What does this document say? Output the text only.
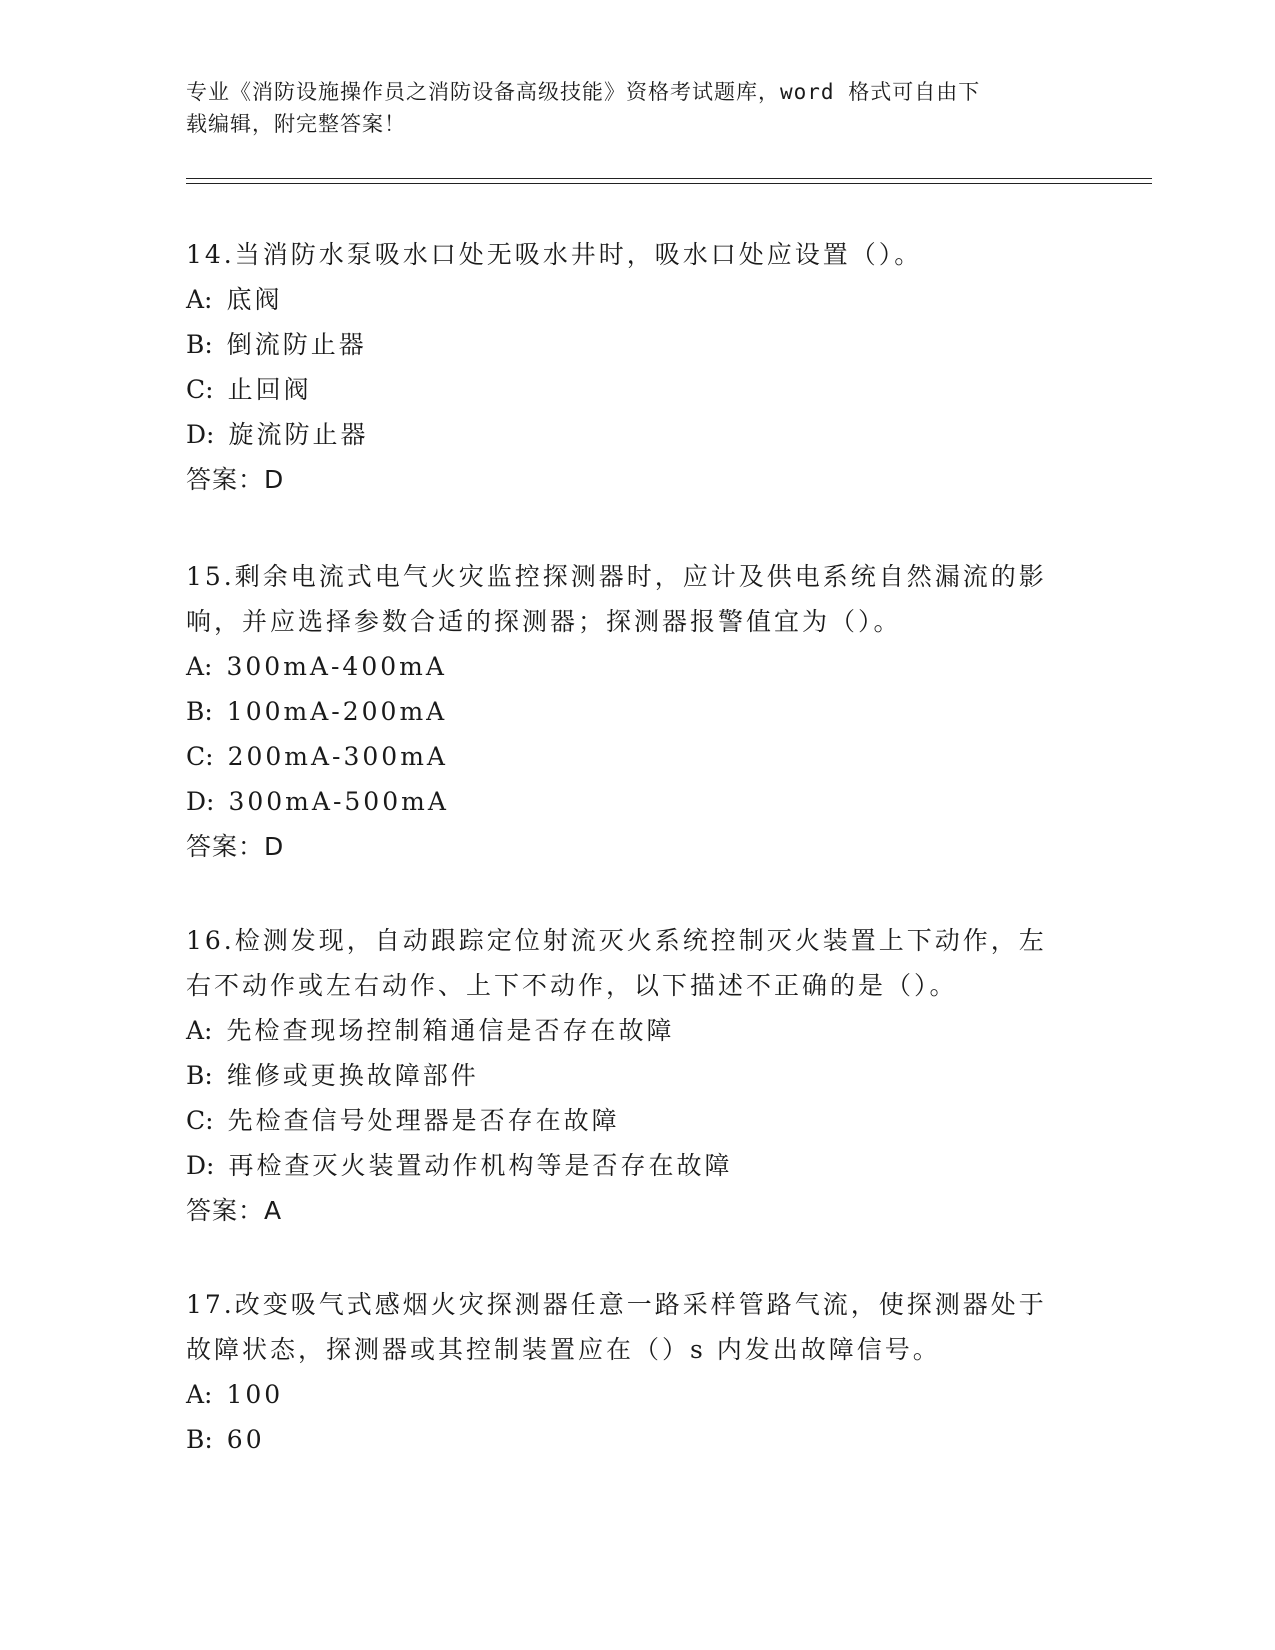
专业《消防设施操作员之消防设备高级技能》资格考试题库，word 格式可自由下
载编辑，附完整答案！

14.当消防水泵吸水口处无吸水井时，吸水口处应设置（）。

A: 底阀

B: 倒流防止器

C: 止回阀

D: 旋流防止器

答案：D

15.剩余电流式电气火灾监控探测器时，应计及供电系统自然漏流的影

响，并应选择参数合适的探测器；探测器报警值宜为（）。

A: 300mA-400mA

B: 100mA-200mA

C: 200mA-300mA

D: 300mA-500mA

答案：D

16.检测发现，自动跟踪定位射流灭火系统控制灭火装置上下动作，左

右不动作或左右动作、上下不动作，以下描述不正确的是（）。

A: 先检查现场控制箱通信是否存在故障

B: 维修或更换故障部件

C: 先检查信号处理器是否存在故障

D: 再检查灭火装置动作机构等是否存在故障

答案：A

17.改变吸气式感烟火灾探测器任意一路采样管路气流，使探测器处于

故障状态，探测器或其控制装置应在（）s 内发出故障信号。

A: 100

B: 60
